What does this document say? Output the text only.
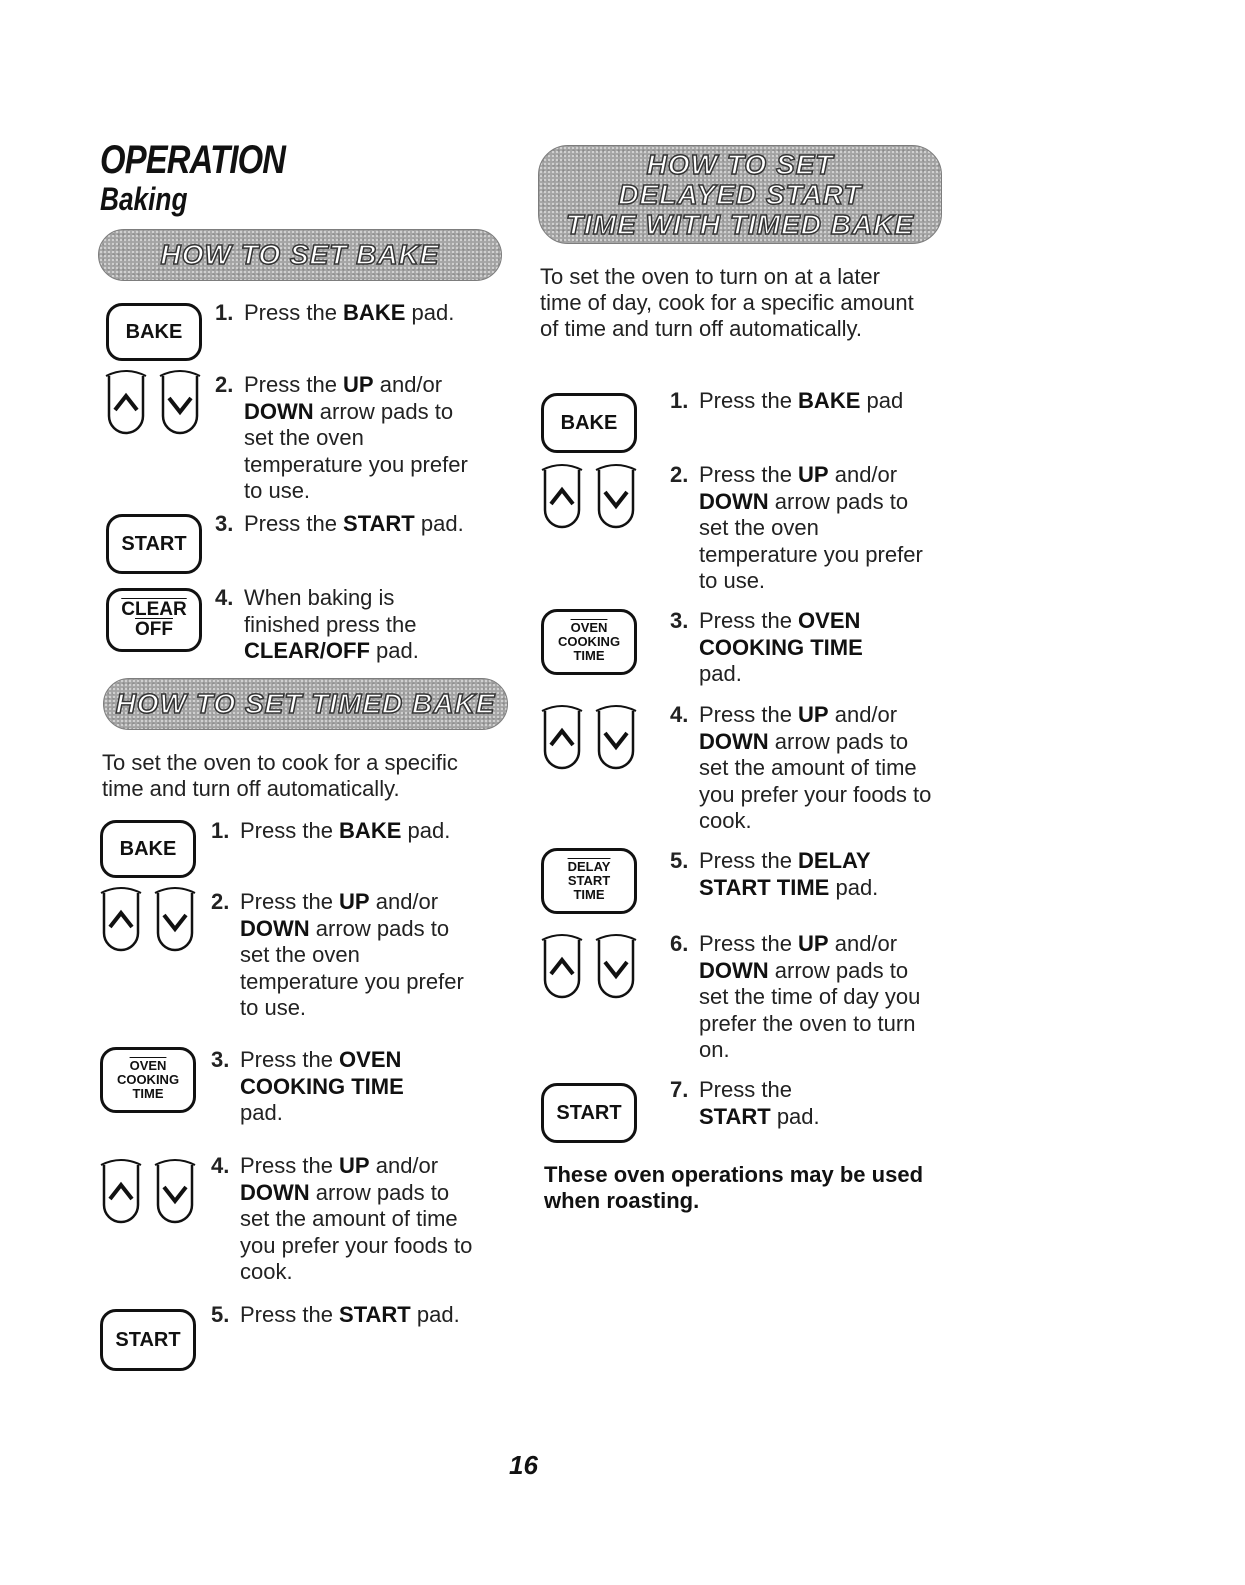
OPERATION
Baking
HOW TO SET BAKE
BAKE
1. Press the BAKE pad.
2. Press the UP and/or DOWN arrow pads to set the oven temperature you prefer to use.
START
3. Press the START pad.
CLEAR
$\overline{OFF}$
4. When baking is finished press the CLEAR/OFF pad.
HOW TO SET TIMED BAKE
To set the oven to cook for a specific time and turn off automatically.
BAKE
1. Press the BAKE pad.
2. Press the UP and/or DOWN arrow pads to set the oven temperature you prefer to use.
OVEN
COOKING
TIME
3. Press the OVEN COOKING TIME pad.
4. Press the UP and/or DOWN arrow pads to set the amount of time you prefer your foods to cook.
START
5. Press the START pad.
HOW TO SET
DELAYED START
TIME WITH TIMED BAKE
To set the oven to turn on at a later time of day, cook for a specific amount of time and turn off automatically.
BAKE
1. Press the BAKE pad
2. Press the UP and/or DOWN arrow pads to set the oven temperature you prefer to use.
OVEN
COOKING
TIME
3. Press the OVEN COOKING TIME pad.
4. Press the UP and/or DOWN arrow pads to set the amount of time you prefer your foods to cook.
DELAY
START
TIME
5. Press the DELAY START TIME pad.
6. Press the UP and/or DOWN arrow pads to set the time of day you prefer the oven to turn on.
START
7. Press the START pad.
These oven operations may be used when roasting.
16
